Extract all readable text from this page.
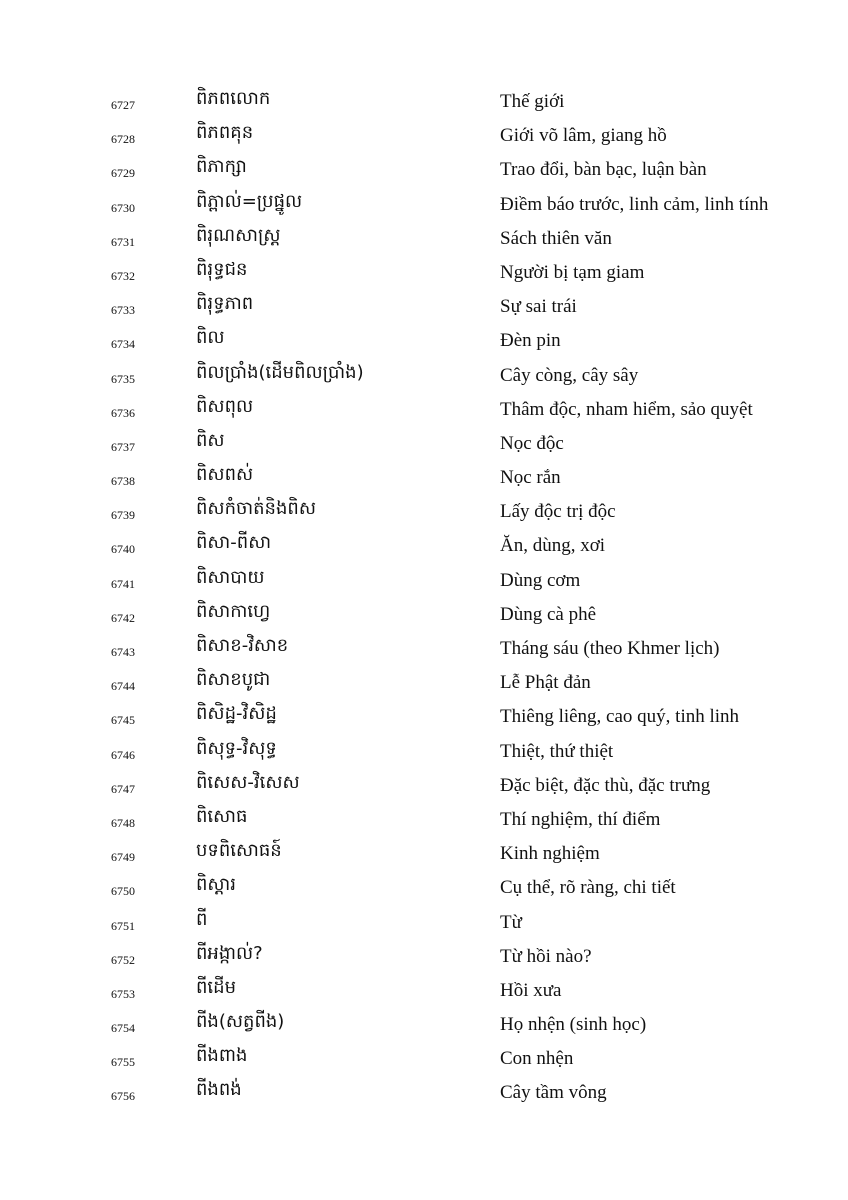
6727	ពិភពលោក	Thế giới
6728	ពិភពគុន	Giới võ lâm, giang hồ
6729	ពិភាក្សា	Trao đổi, bàn bạc, luận bàn
6730	ពិភ្ពាល់=ប្រផ្នូល	Điềm báo trước, linh cảm, linh tính
6731	ពិរុណសាស្ត្រ	Sách thiên văn
6732	ពិរុទ្ធជន	Người bị tạm giam
6733	ពិរុទ្ធភាព	Sự sai trái
6734	ពិល	Đèn pin
6735	ពិលប្រាំង(ដើមពិលប្រាំង)	Cây còng, cây sây
6736	ពិសពុល	Thâm độc, nham hiểm, sảo quyệt
6737	ពិស	Nọc độc
6738	ពិសពស់	Nọc rắn
6739	ពិសកំចាត់និងពិស	Lấy độc trị độc
6740	ពិសា-ពីសា	Ăn, dùng, xơi
6741	ពិសាបាយ	Dùng cơm
6742	ពិសាកាហ្វេ	Dùng cà phê
6743	ពិសាខ-វិសាខ	Tháng sáu (theo Khmer lịch)
6744	ពិសាខបូជា	Lễ Phật đản
6745	ពិសិដ្ឋ-វិសិដ្ឋ	Thiêng liêng, cao quý, tinh linh
6746	ពិសុទ្ធ-វិសុទ្ធ	Thiệt, thứ thiệt
6747	ពិសេស-វិសេស	Đặc biệt, đặc thù, đặc trưng
6748	ពិសោធ	Thí nghiệm, thí điểm
6749	បទពិសោធន៍	Kinh nghiệm
6750	ពិស្តារ	Cụ thể, rõ ràng, chi tiết
6751	ពី	Từ
6752	ពីអង្កាល់?	Từ hồi nào?
6753	ពីដើម	Hồi xưa
6754	ពីង(សត្វពីង)	Họ nhện (sinh học)
6755	ពីងពាង	Con nhện
6756	ពីងពង់	Cây tầm vông
